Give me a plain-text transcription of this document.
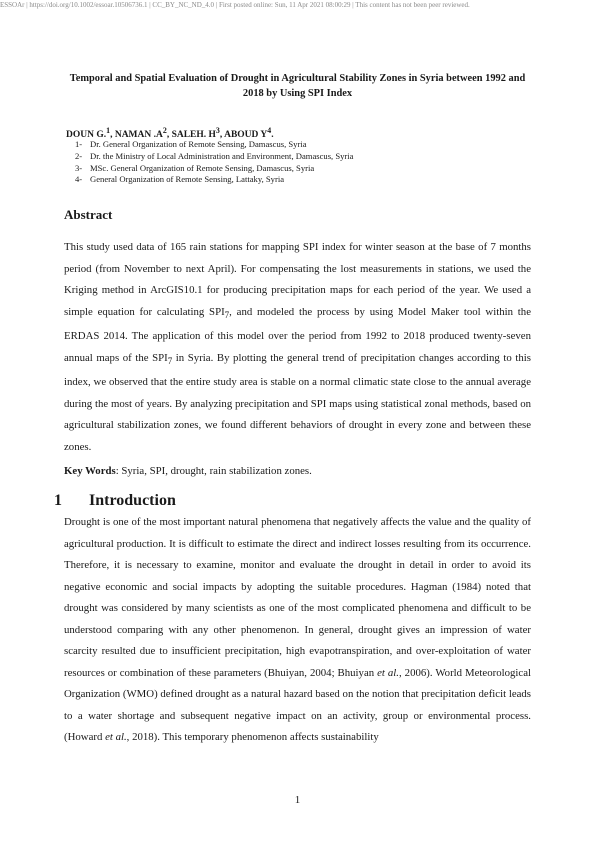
ESSOAr | https://doi.org/10.1002/essoar.10506736.1 | CC_BY_NC_ND_4.0 | First posted online: Sun, 11 Apr 2021 08:00:29 | This content has not been peer reviewed.
Temporal and Spatial Evaluation of Drought in Agricultural Stability Zones in Syria between 1992 and 2018 by Using SPI Index
DOUN G.$^1$, NAMAN $.A^2$, SALEH. $H^3$, ABOUD $Y^4$.
1- Dr. General Organization of Remote Sensing, Damascus, Syria
2- Dr. the Ministry of Local Administration and Environment, Damascus, Syria
3- MSc. General Organization of Remote Sensing, Damascus, Syria
4- General Organization of Remote Sensing, Lattaky, Syria
Abstract
This study used data of 165 rain stations for mapping SPI index for winter season at the base of 7 months period (from November to next April). For compensating the lost measurements in stations, we used the Kriging method in ArcGIS10.1 for producing precipitation maps for each period of the year. We used a simple equation for calculating $SPI_7$, and modeled the process by using Model Maker tool within the ERDAS 2014. The application of this model over the period from 1992 to 2018 produced twenty-seven annual maps of the $SPI_7$ in Syria. By plotting the general trend of precipitation changes according to this index, we observed that the entire study area is stable on a normal climatic state close to the annual average during the most of years. By analyzing precipitation and SPI maps using statistical zonal methods, based on agricultural stabilization zones, we found different behaviors of drought in every zone and between these zones.
Key Words: Syria, SPI, drought, rain stabilization zones.
1 Introduction
Drought is one of the most important natural phenomena that negatively affects the value and the quality of agricultural production. It is difficult to estimate the direct and indirect losses resulting from its occurrence. Therefore, it is necessary to examine, monitor and evaluate the drought in detail in order to avoid its negative economic and social impacts by adopting the suitable procedures. Hagman (1984) noted that drought was considered by many scientists as one of the most complicated phenomena and difficult to be understood comparing with any other phenomenon. In general, drought gives an impression of water scarcity resulted due to insufficient precipitation, high evapotranspiration, and over-exploitation of water resources or combination of these parameters (Bhuiyan, 2004; Bhuiyan et al., 2006). World Meteorological Organization (WMO) defined drought as a natural hazard based on the notion that precipitation deficit leads to a water shortage and subsequent negative impact on an activity, group or environmental process. (Howard et al., 2018). This temporary phenomenon affects sustainability
1
